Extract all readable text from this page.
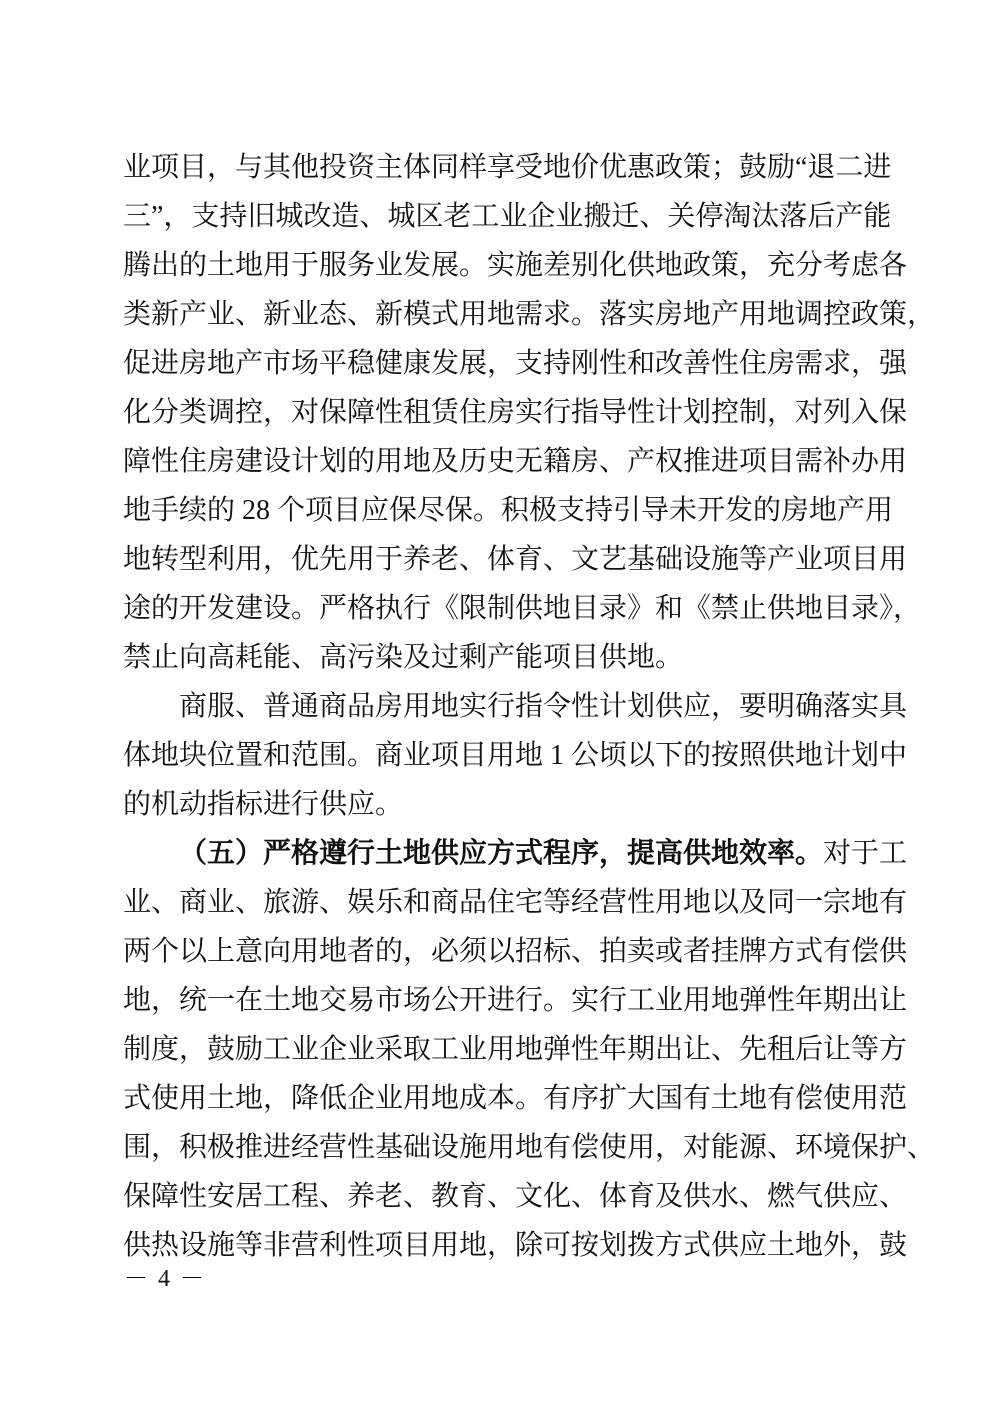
业项目，与其他投资主体同样享受地价优惠政策；鼓励“退二进
三”，支持旧城改造、城区老工业企业搬迁、关停淘汰落后产能
腾出的土地用于服务业发展。实施差别化供地政策，充分考虑各
类新产业、新业态、新模式用地需求。落实房地产用地调控政策，
促进房地产市场平稳健康发展，支持刚性和改善性住房需求，强
化分类调控，对保障性租赁住房实行指导性计划控制，对列入保
障性住房建设计划的用地及历史无籍房、产权推进项目需补办用
地手续的 28 个项目应保尽保。积极支持引导未开发的房地产用
地转型利用，优先用于养老、体育、文艺基础设施等产业项目用
途的开发建设。严格执行《限制供地目录》和《禁止供地目录》，
禁止向高耗能、高污染及过剩产能项目供地。
商服、普通商品房用地实行指令性计划供应，要明确落实具
体地块位置和范围。商业项目用地 1 公顷以下的按照供地计划中
的机动指标进行供应。
（五）严格遵行土地供应方式程序，提高供地效率。对于工
业、商业、旅游、娱乐和商品住宅等经营性用地以及同一宗地有
两个以上意向用地者的，必须以招标、拍卖或者挂牌方式有偿供
地，统一在土地交易市场公开进行。实行工业用地弹性年期出让
制度，鼓励工业企业采取工业用地弹性年期出让、先租后让等方
式使用土地，降低企业用地成本。有序扩大国有土地有偿使用范
围，积极推进经营性基础设施用地有偿使用，对能源、环境保护、
保障性安居工程、养老、教育、文化、体育及供水、燃气供应、
供热设施等非营利性项目用地，除可按划拨方式供应土地外，鼓
－ 4 －
